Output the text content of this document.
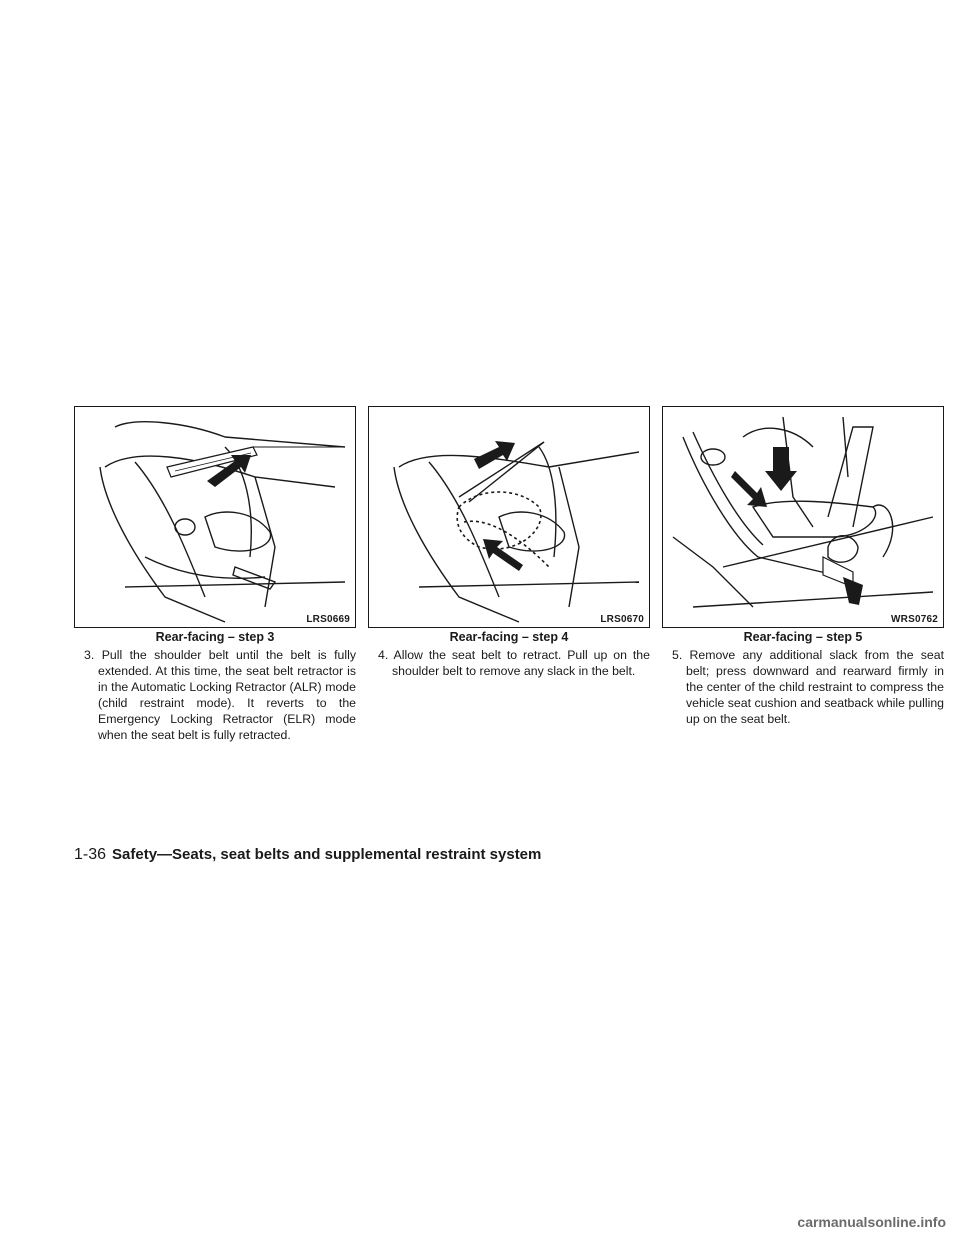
LRS0669
Rear-facing – step 3

3. Pull the shoulder belt until the belt is fully extended. At this time, the seat belt retractor is in the Automatic Locking Retractor (ALR) mode (child restraint mode). It reverts to the Emergency Locking Retractor (ELR) mode when the seat belt is fully retracted.

LRS0670
Rear-facing – step 4

4. Allow the seat belt to retract. Pull up on the shoulder belt to remove any slack in the belt.

WRS0762
Rear-facing – step 5

5. Remove any additional slack from the seat belt; press downward and rearward firmly in the center of the child restraint to compress the vehicle seat cushion and seatback while pulling up on the seat belt.

1-36 Safety—Seats, seat belts and supplemental restraint system
carmanualsonline.info
